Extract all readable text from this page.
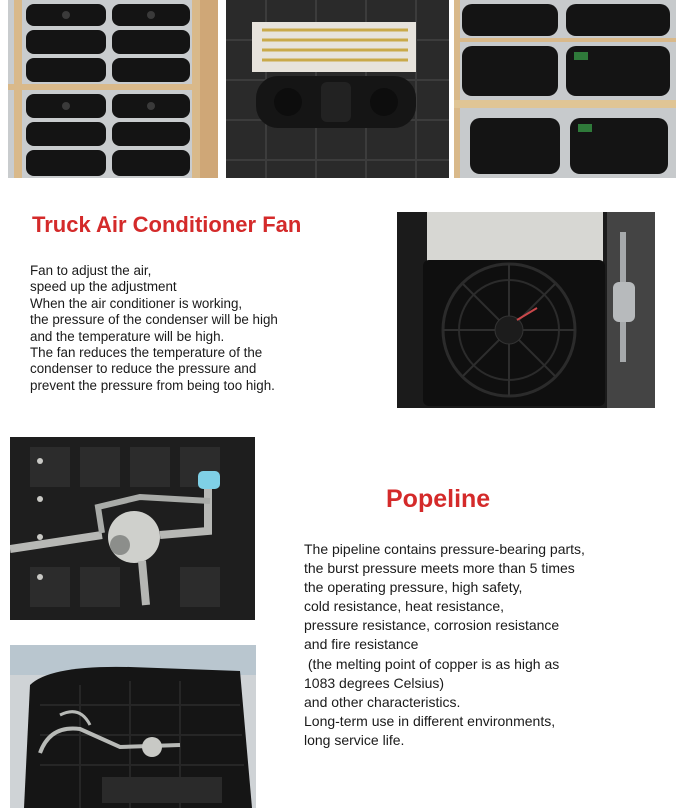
Truck Air Conditioner Fan
Fan to adjust the air,
speed up the adjustment
When the air conditioner is working,
the pressure of the condenser will be high
and the temperature will be high.
The fan reduces the temperature of the
condenser to reduce the pressure and
prevent the pressure from being too high.
Popeline
The pipeline contains pressure-bearing parts,
the burst pressure meets more than 5 times
the operating pressure, high safety,
cold resistance, heat resistance,
pressure resistance, corrosion resistance
and fire resistance
(the melting point of copper is as high as
1083 degrees Celsius)
and other characteristics.
Long-term use in different environments,
long service life.
